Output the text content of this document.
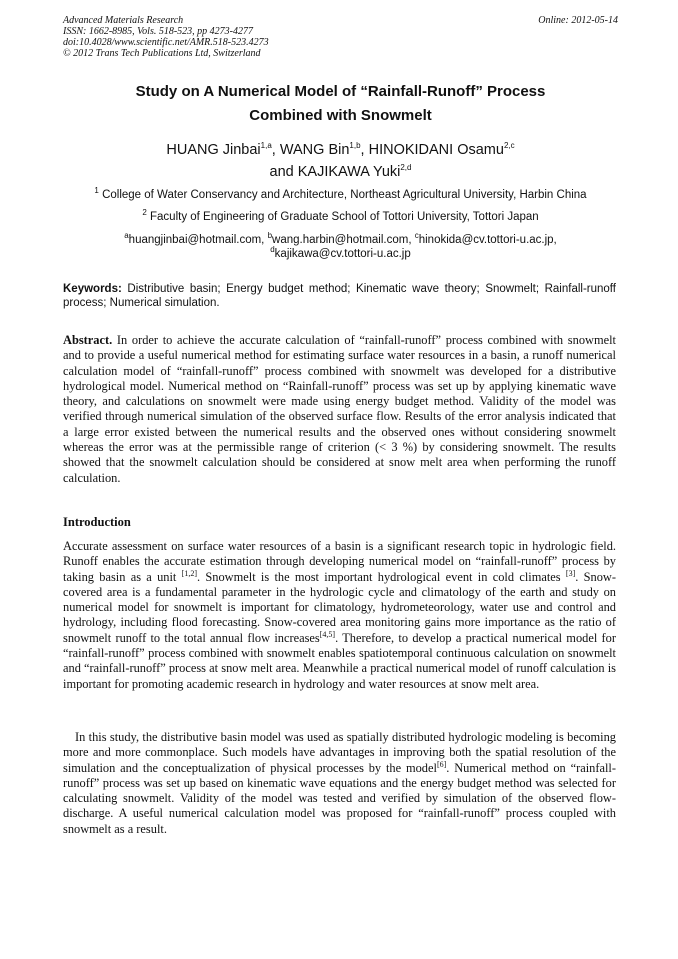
Advanced Materials Research	Online: 2012-05-14
ISSN: 1662-8985, Vols. 518-523, pp 4273-4277
doi:10.4028/www.scientific.net/AMR.518-523.4273
© 2012 Trans Tech Publications Ltd, Switzerland
Study on A Numerical Model of “Rainfall-Runoff” Process
Combined with Snowmelt
HUANG Jinbai$^{1,a}$, WANG Bin$^{1,b}$, HINOKIDANI Osamu$^{2,c}$
and KAJIKAWA Yuki$^{2,d}$
$^1$ College of Water Conservancy and Architecture, Northeast Agricultural University, Harbin China
$^2$ Faculty of Engineering of Graduate School of Tottori University, Tottori Japan
$^a$huangjinbai@hotmail.com, $^b$wang.harbin@hotmail.com, $^c$hinokida@cv.tottori-u.ac.jp,
$^d$kajikawa@cv.tottori-u.ac.jp
Keywords: Distributive basin; Energy budget method; Kinematic wave theory; Snowmelt; Rainfall-runoff process; Numerical simulation.
Abstract. In order to achieve the accurate calculation of “rainfall-runoff” process combined with snowmelt and to provide a useful numerical method for estimating surface water resources in a basin, a runoff numerical calculation model of “rainfall-runoff” process combined with snowmelt was developed for a distributive hydrological model. Numerical method on “Rainfall-runoff” process was set up by applying kinematic wave theory, and calculations on snowmelt were made using energy budget method. Validity of the model was verified through numerical simulation of the observed surface flow. Results of the error analysis indicated that a large error existed between the numerical results and the observed ones without considering snowmelt whereas the error was at the permissible range of criterion (< 3 %) by considering snowmelt. The results showed that the snowmelt calculation should be considered at snow melt area when performing the runoff calculation.
Introduction
Accurate assessment on surface water resources of a basin is a significant research topic in hydrologic field. Runoff enables the accurate estimation through developing numerical model on “rainfall-runoff” process by taking basin as a unit [1,2]. Snowmelt is the most important hydrological event in cold climates [3]. Snow-covered area is a fundamental parameter in the hydrologic cycle and climatology of the earth and study on numerical model for snowmelt is important for climatology, hydrometeorology, water use and control and hydrology, including flood forecasting. Snow-covered area monitoring gains more importance as the ratio of snowmelt runoff to the total annual flow increases[4,5]. Therefore, to develop a practical numerical model for “rainfall-runoff” process combined with snowmelt enables spatiotemporal continuous calculation on snowmelt and “rainfall-runoff” process at snow melt area. Meanwhile a practical numerical model of runoff calculation is important for promoting academic research in hydrology and water resources at snow melt area.
In this study, the distributive basin model was used as spatially distributed hydrologic modeling is becoming more and more commonplace. Such models have advantages in improving both the spatial resolution of the simulation and the conceptualization of physical processes by the model[6]. Numerical method on “rainfall-runoff” process was set up based on kinematic wave equations and the energy budget method was selected for calculating snowmelt. Validity of the model was tested and verified by simulation of the observed flow-discharge. A useful numerical calculation model was proposed for “rainfall-runoff” process coupled with snowmelt as a result.
